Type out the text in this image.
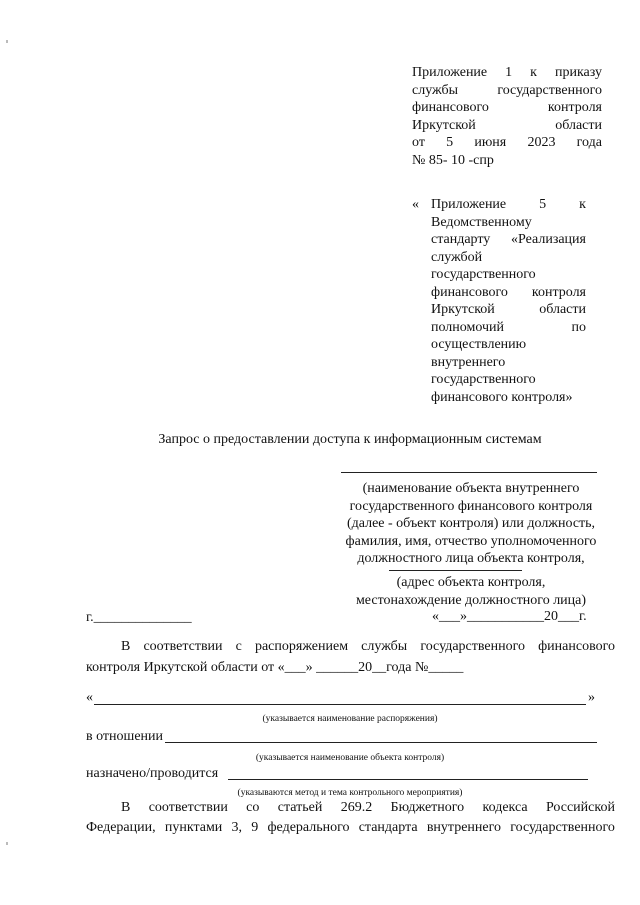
Приложение 1 к приказу
службы	государственного
финансового	контроля
Иркутской	области
от 5 июня 2023 года
№ 85- 10 -спр
« Приложение 5 к
Ведомственному
стандарту «Реализация
службой
государственного
финансового контроля
Иркутской	области
полномочий	по
осуществлению
внутреннего
государственного
финансового контроля»
Запрос о предоставлении доступа к информационным системам
(наименование объекта внутреннего
государственного финансового контроля
(далее - объект контроля) или должность,
фамилия, имя, отчество уполномоченного
должностного лица объекта контроля,
(адрес объекта контроля,
местонахождение должностного лица)
г.______________	«___»___________20___г.
В соответствии с распоряжением службы государственного финансового
контроля Иркутской области от «___» ______20__года №_____
«	»
(указывается наименование распоряжения)
в отношении
(указывается наименование объекта контроля)
назначено/проводится
(указываются метод и тема контрольного мероприятия)
В соответствии со статьей 269.2 Бюджетного кодекса Российской
Федерации, пунктами 3, 9 федерального стандарта внутреннего государственного
